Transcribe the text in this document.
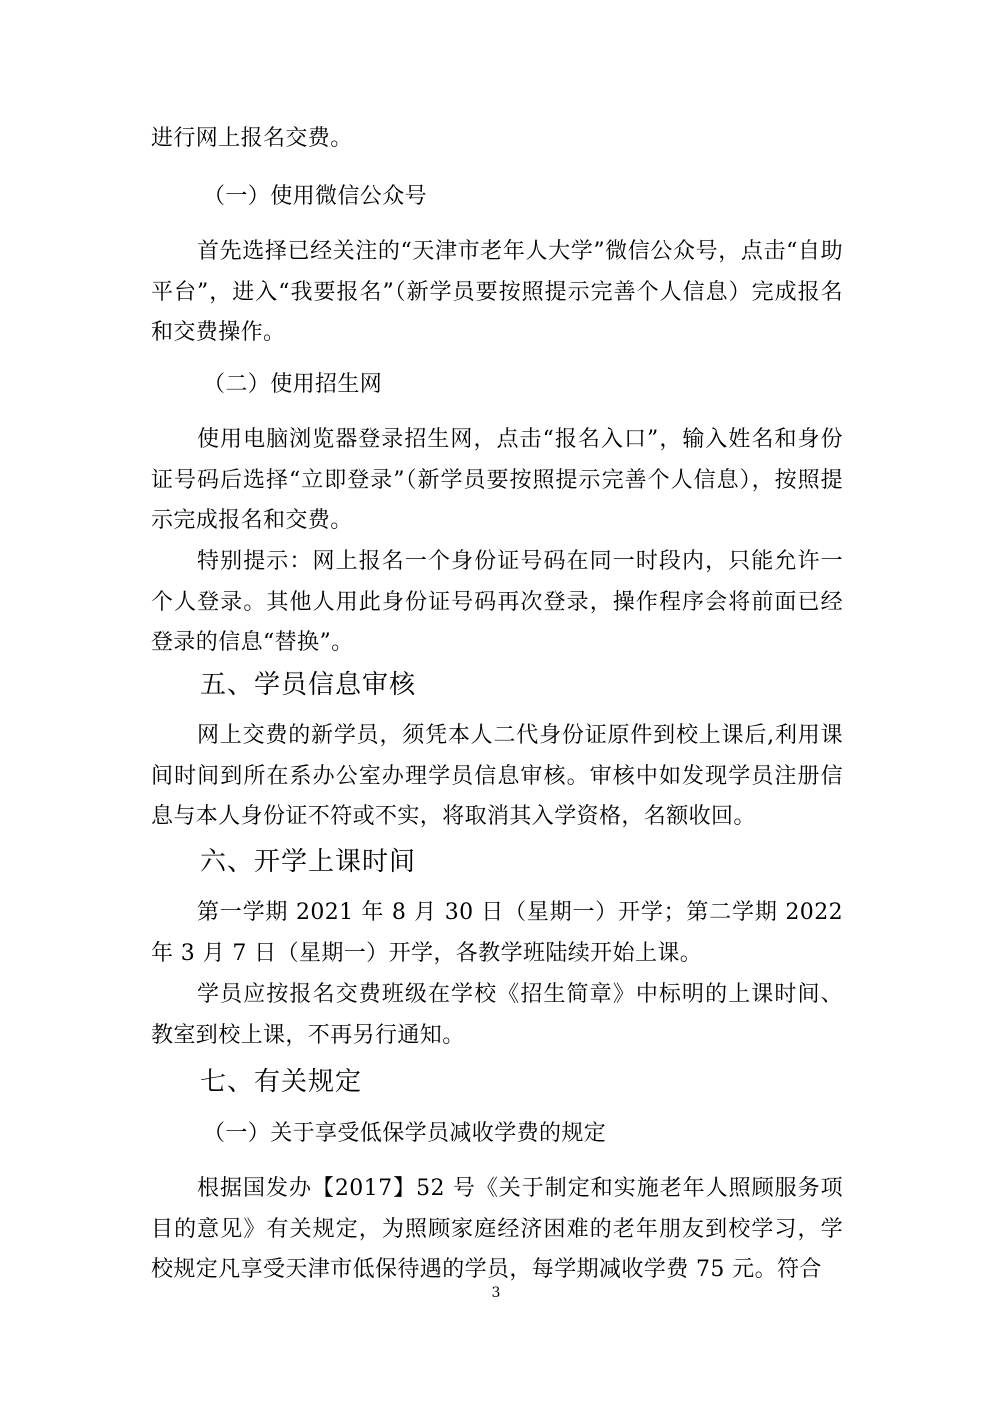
进行网上报名交费。

（一）使用微信公众号

首先选择已经关注的“天津市老年人大学”微信公众号，点击“自助平台”，进入“我要报名”（新学员要按照提示完善个人信息）完成报名和交费操作。

（二）使用招生网

使用电脑浏览器登录招生网，点击“报名入口”，输入姓名和身份证号码后选择“立即登录”（新学员要按照提示完善个人信息），按照提示完成报名和交费。

特别提示：网上报名一个身份证号码在同一时段内，只能允许一个人登录。其他人用此身份证号码再次登录，操作程序会将前面已经登录的信息“替换”。

五、学员信息审核

网上交费的新学员，须凭本人二代身份证原件到校上课后,利用课间时间到所在系办公室办理学员信息审核。审核中如发现学员注册信息与本人身份证不符或不实，将取消其入学资格，名额收回。

六、开学上课时间

第一学期 2021 年 8 月 30 日（星期一）开学；第二学期 2022 年 3 月 7 日（星期一）开学，各教学班陆续开始上课。

学员应按报名交费班级在学校《招生简章》中标明的上课时间、教室到校上课，不再另行通知。

七、有关规定

（一）关于享受低保学员减收学费的规定

根据国发办【2017】52 号《关于制定和实施老年人照顾服务项目的意见》有关规定，为照顾家庭经济困难的老年朋友到校学习，学校规定凡享受天津市低保待遇的学员，每学期减收学费 75 元。符合

3
